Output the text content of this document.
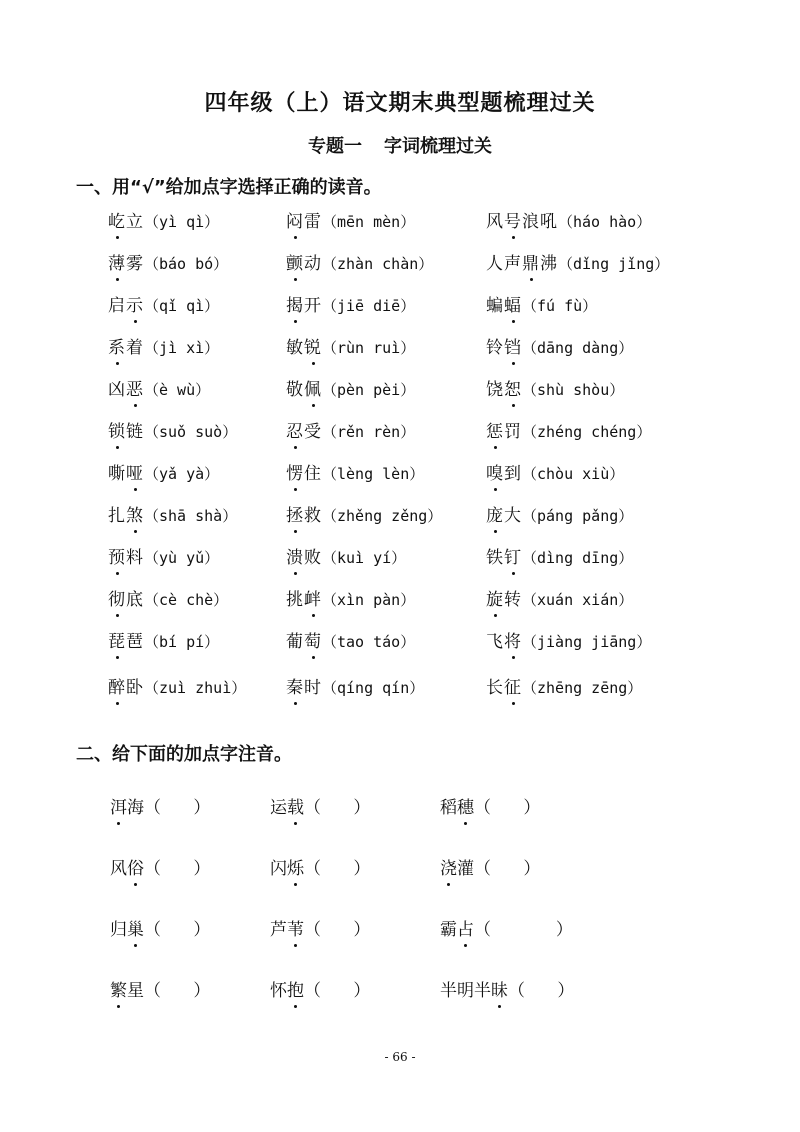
四年级（上）语文期末典型题梳理过关
专题一 字词梳理过关
一、用“√”给加点字选择正确的读音。
屹立（yì qì）	闷雷（mēn mèn）	风号浪吼（háo hào）
薄雾（báo bó）	颤动（zhàn chàn）	人声鼎沸（dǐng jǐng）
启示（qǐ qì）	揭开（jiē diē）	蝙蝠（fú fù）
系着（jì xì）	敏锐（rùn ruì）	铃铛（dāng dàng）
凶恶（è wù）	敬佩（pèn pèi）	饶恕（shù shòu）
锁链（suǒ suò）	忍受（rěn rèn）	惩罚（zhéng chéng）
嘶哑（yǎ yà）	愣住（lèng lèn）	嗅到（chòu xiù）
扎煞（shā shà）	拯救（zhěng zěng）	庞大（páng pǎng）
预料（yù yǔ）	溃败（kuì yí）	铁钉（dìng dīng）
彻底（cè chè）	挑衅（xìn pàn）	旋转（xuán xián）
琵琶（bí pí）	葡萄（tao táo）	飞将（jiàng jiāng）
醉卧（zuì zhuì） 秦时（qíng qín）	长征（zhēng zēng）
二、给下面的加点字注音。
洱海（      ）	运载（      ）	稻穗（      ）
风俗（      ）	闪烁（      ）	浇灌（      ）
归巢（      ）	芦苇（      ）	霸占（            ）
繁星（      ）	怀抱（      ）	半明半昧（      ）
- 66 -
